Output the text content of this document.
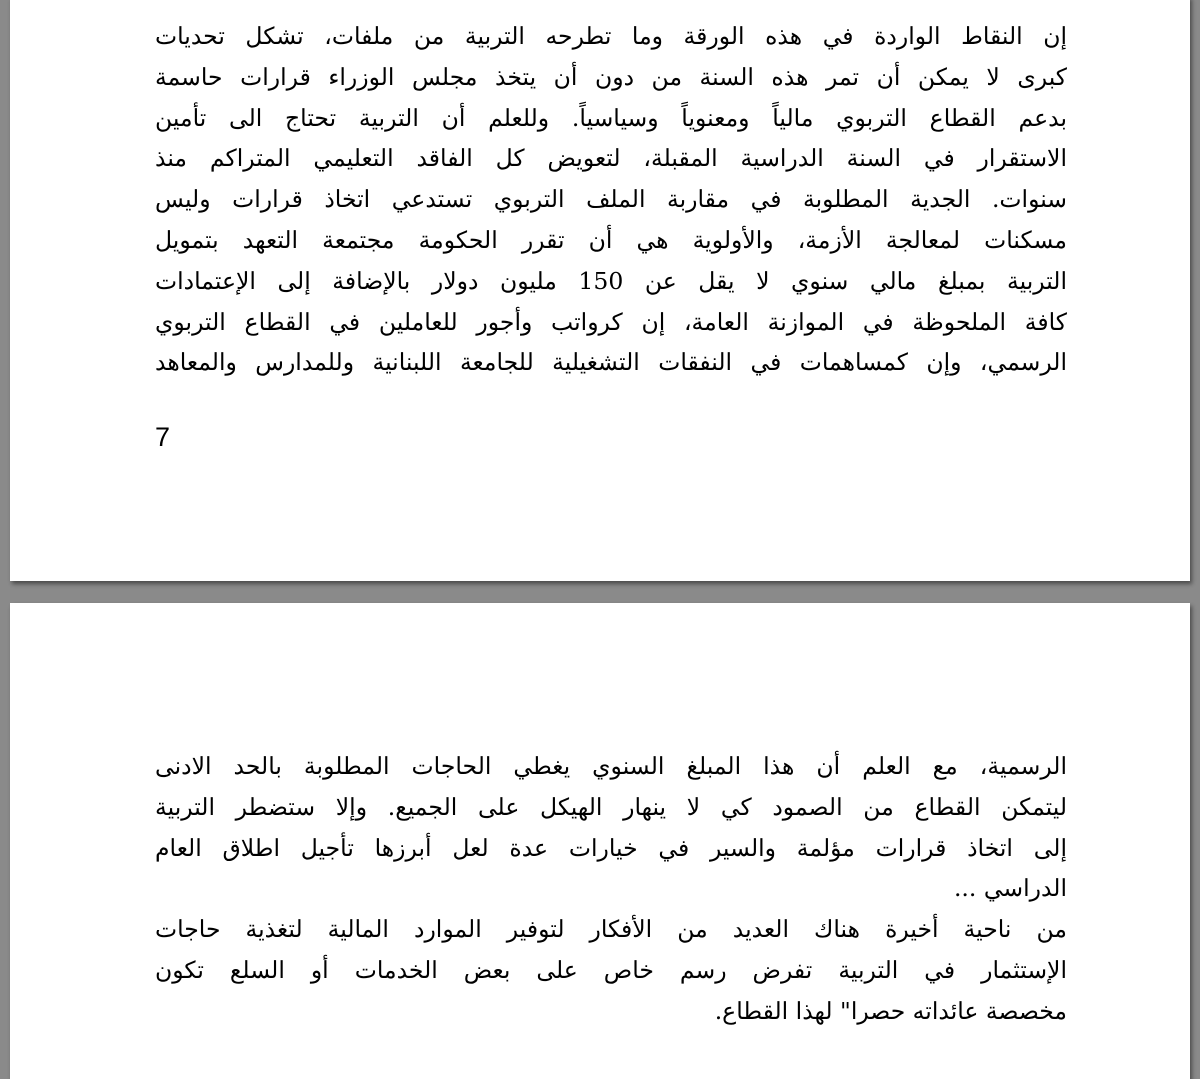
إن النقاط الواردة في هذه الورقة وما تطرحه التربية من ملفات، تشكل تحديات
كبرى لا يمكن أن تمر هذه السنة من دون أن يتخذ مجلس الوزراء قرارات حاسمة
بدعم القطاع التربوي مالياً ومعنوياً وسياسياً. وللعلم أن التربية تحتاج الى تأمين
الاستقرار في السنة الدراسية المقبلة، لتعويض كل الفاقد التعليمي المتراكم منذ
سنوات. الجدية المطلوبة في مقاربة الملف التربوي تستدعي اتخاذ قرارات وليس
مسكنات لمعالجة الأزمة، والأولوية هي أن تقرر الحكومة مجتمعة التعهد بتمويل
التربية بمبلغ مالي سنوي لا يقل عن 150 مليون دولار بالإضافة إلى الإعتمادات
كافة الملحوظة في الموازنة العامة، إن كرواتب وأجور للعاملين في القطاع التربوي
الرسمي، وإن كمساهمات في النفقات التشغيلية للجامعة اللبنانية وللمدارس والمعاهد
7
الرسمية، مع العلم أن هذا المبلغ السنوي يغطي الحاجات المطلوبة بالحد الادنى
ليتمكن القطاع من الصمود كي لا ينهار الهيكل على الجميع. وإلا ستضطر التربية
إلى اتخاذ قرارات مؤلمة والسير في خيارات عدة لعل أبرزها تأجيل اطلاق العام
الدراسي ...
من ناحية أخيرة هناك العديد من الأفكار لتوفير الموارد المالية لتغذية حاجات
الإستثمار في التربية تفرض رسم خاص على بعض الخدمات أو السلع تكون
مخصصة عائداته حصرا" لهذا القطاع.
